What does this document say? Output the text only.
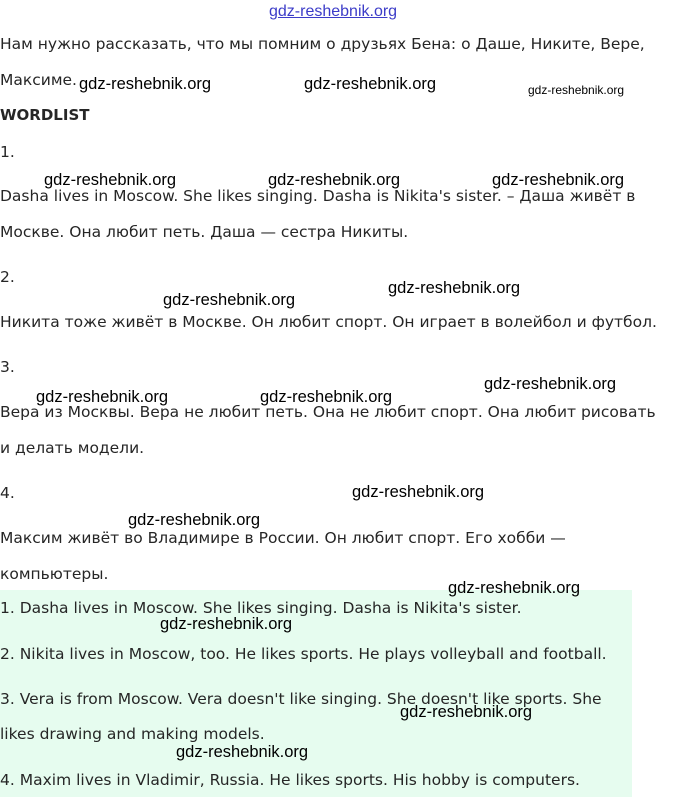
Нам нужно рассказать, что мы помним о друзьях Бена: о Даше, Никите, Вере,
Максиме.
WORDLIST
1.
Dasha lives in Moscow. She likes singing. Dasha is Nikita's sister. – Даша живёт в
Москве. Она любит петь. Даша — сестра Никиты.
2.
Никита тоже живёт в Москве. Он любит спорт. Он играет в волейбол и футбол.
3.
Вера из Москвы. Вера не любит петь. Она не любит спорт. Она любит рисовать
и делать модели.
4.
Максим живёт во Владимире в России. Он любит спорт. Его хобби —
компьютеры.
1. Dasha lives in Moscow. She likes singing. Dasha is Nikita's sister.
2. Nikita lives in Moscow, too. He likes sports. He plays volleyball and football.
3. Vera is from Moscow. Vera doesn't like singing. She doesn't like sports. She
likes drawing and making models.
4. Maxim lives in Vladimir, Russia. He likes sports. His hobby is computers.
gdz-reshebnik.org
gdz-reshebnik.org	gdz-reshebnik.org	gdz-reshebnik.org
gdz-reshebnik.org	gdz-reshebnik.org	gdz-reshebnik.org
gdz-reshebnik.org
gdz-reshebnik.org
gdz-reshebnik.org	gdz-reshebnik.org
gdz-reshebnik.org
gdz-reshebnik.org
gdz-reshebnik.org
gdz-reshebnik.org
gdz-reshebnik.org
gdz-reshebnik.org
gdz-reshebnik.org
